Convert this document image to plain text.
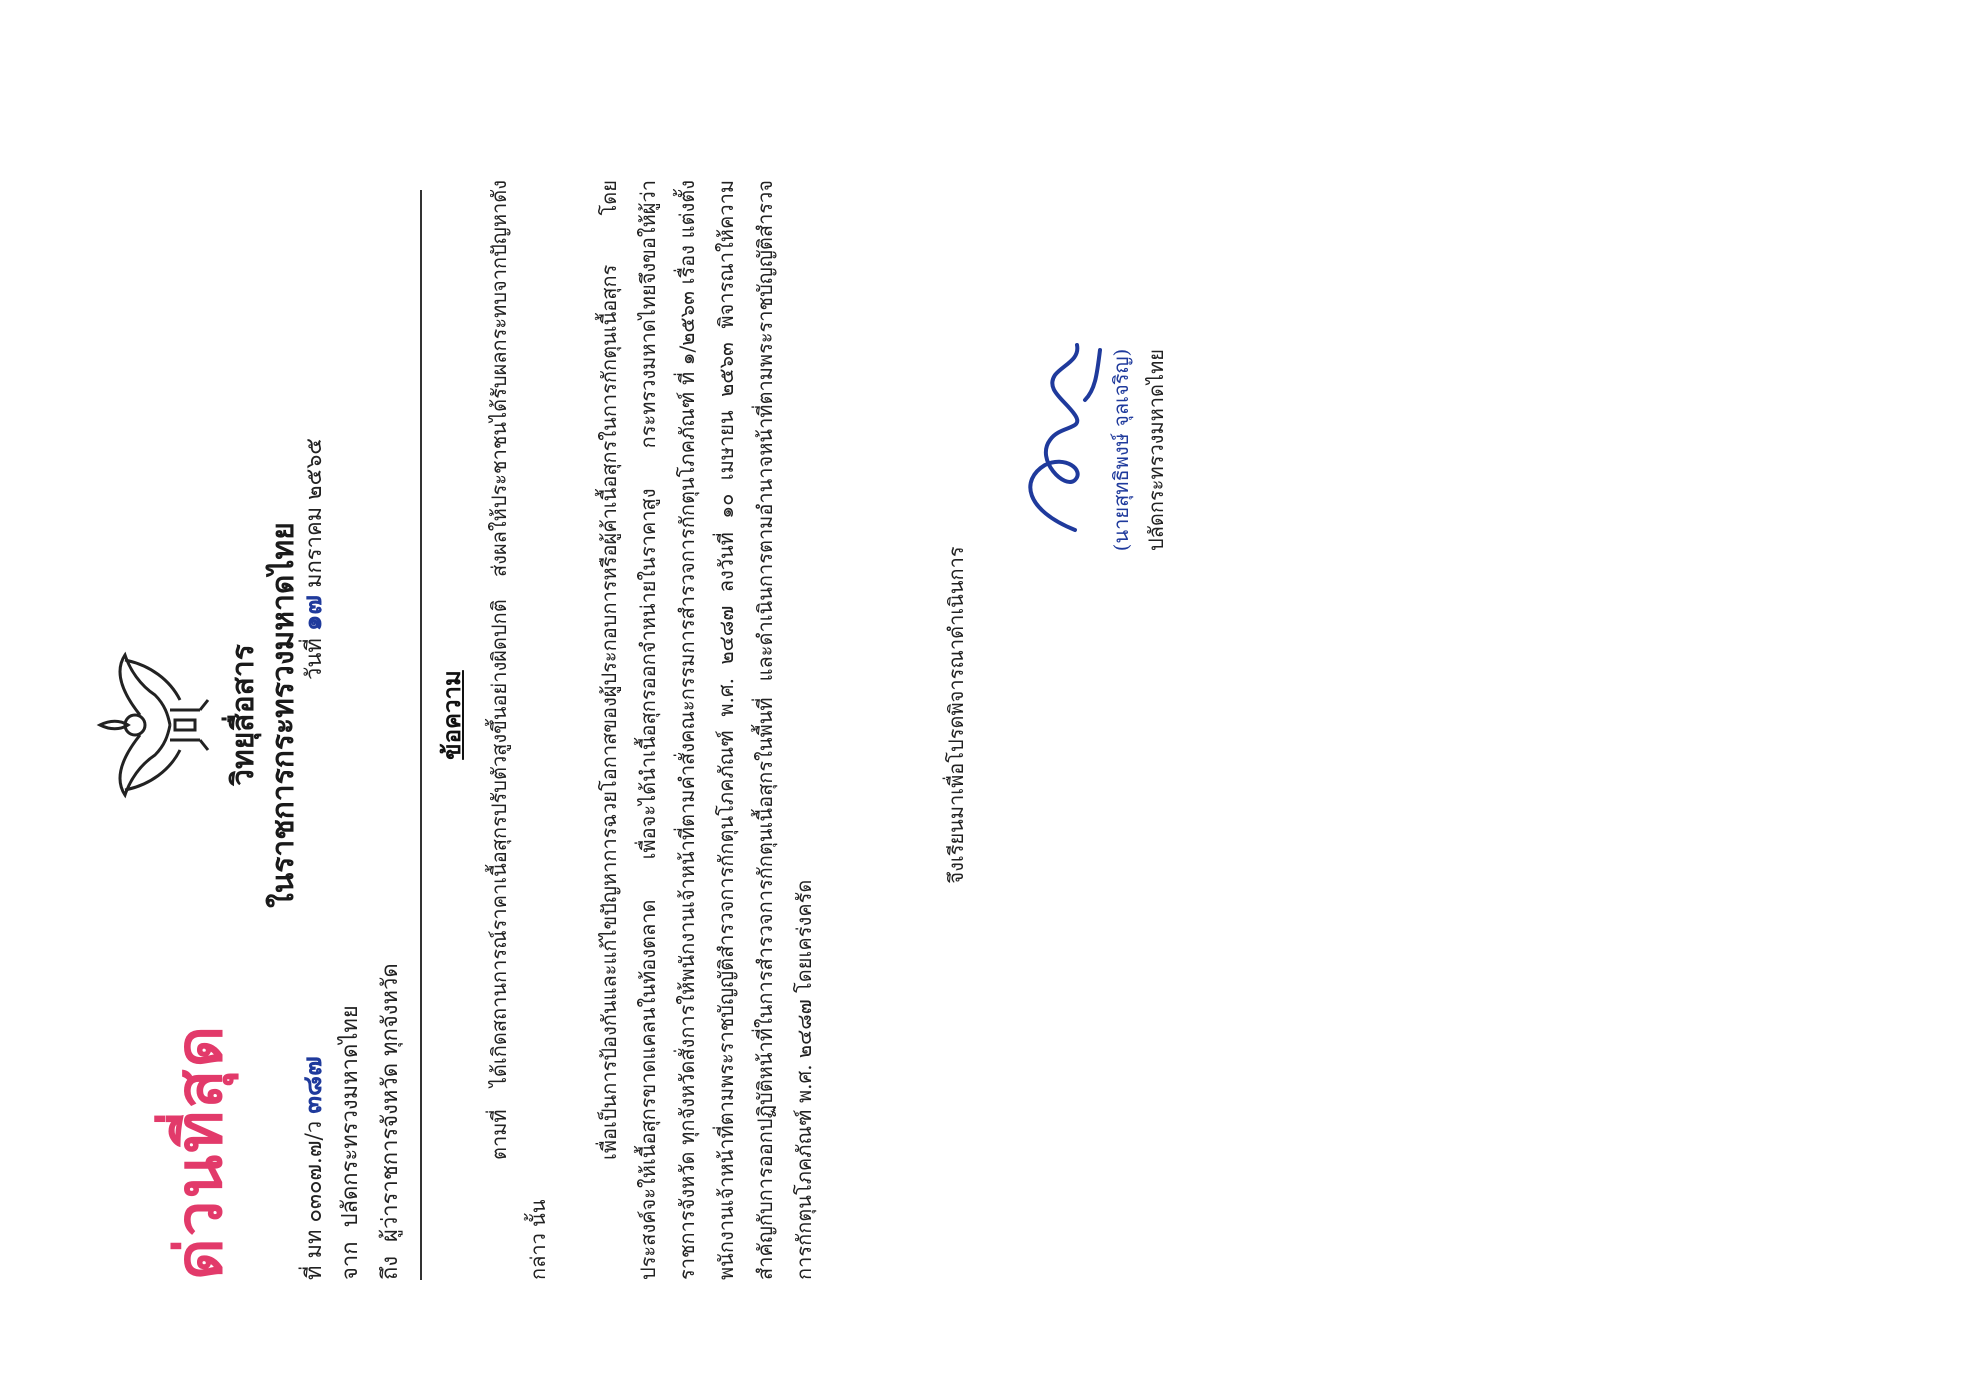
วิทยุสื่อสาร ในราชการกระทรวงมหาดไทย
ด่วนที่สุด	ที่ มท ๐๓๐๗.๗/ว ๓๘๗
วันที่ ๑๗ มกราคม ๒๕๖๕
จาก  ปลัดกระทรวงมหาดไทย
ถึง  ผู้ว่าราชการจังหวัด ทุกจังหวัด
ข้อความ	ตามที่ ได้เกิดสถานการณ์ราคาเนื้อสุกรปรับตัวสูงขึ้นอย่างผิดปกติ ส่งผลให้ประชาชนได้รับผลกระทบจากปัญหาดังกล่าว นั้น
เพื่อเป็นการป้องกันและแก้ไขปัญหาการฉวยโอกาสของผู้ประกอบการหรือผู้ค้าเนื้อสุกรในการกักตุนเนื้อสุกร โดยประสงค์จะให้เนื้อสุกรขาดแคลนในท้องตลาด เพื่อจะได้นำเนื้อสุกรออกจำหน่ายในราคาสูง กระทรวงมหาดไทยจึงขอให้ผู้ว่าราชการจังหวัด ทุกจังหวัดสั่งการให้พนักงานเจ้าหน้าที่ตามคำสั่งคณะกรรมการสำรวจการกักตุนโภคภัณฑ์ ที่ ๑/๒๕๖๓ เรื่อง แต่งตั้งพนักงานเจ้าหน้าที่ตามพระราชบัญญัติสำรวจการกักตุนโภคภัณฑ์ พ.ศ. ๒๔๘๗ ลงวันที่ ๑๐ เมษายน ๒๕๖๓ พิจารณาให้ความสำคัญกับการออกปฏิบัติหน้าที่ในการสำรวจการกักตุนเนื้อสุกรในพื้นที่ และดำเนินการตามอำนาจหน้าที่ตามพระราชบัญญัติสำรวจการกักตุนโภคภัณฑ์ พ.ศ. ๒๔๘๗ โดยเคร่งครัด
จึงเรียนมาเพื่อโปรดพิจารณาดำเนินการ
(นายสุทธิพงษ์ จุลเจริญ) ปลัดกระทรวงมหาดไทย
